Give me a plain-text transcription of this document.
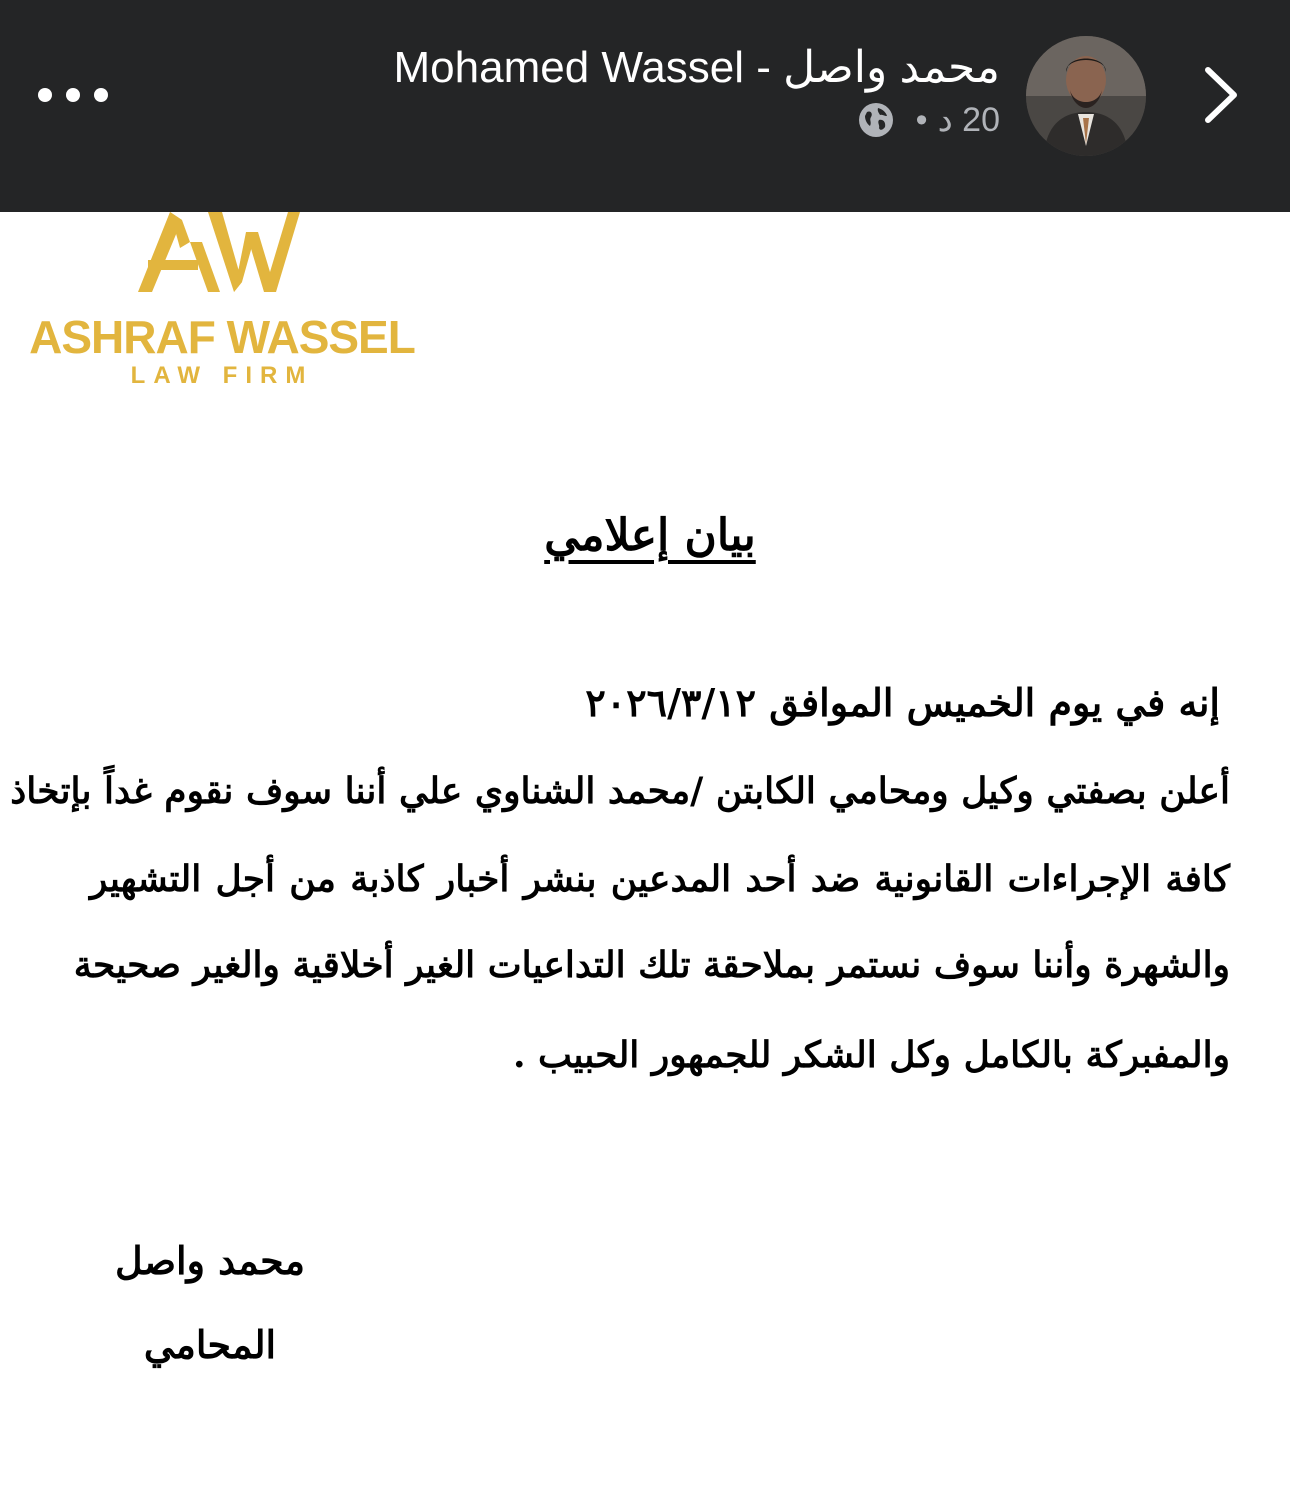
Mohamed Wassel - محمد واصل
• 20 د
ASHRAF WASSEL
LAW FIRM
بيان إعلامي
إنه في يوم الخميس الموافق ٢٠٢٦/٣/١٢
أعلن بصفتي وكيل ومحامي الكابتن /محمد الشناوي علي أننا سوف نقوم غداً بإتخاذ
كافة الإجراءات القانونية ضد أحد المدعين بنشر أخبار كاذبة من أجل التشهير
والشهرة وأننا سوف نستمر بملاحقة تلك التداعيات الغير أخلاقية والغير صحيحة
والمفبركة بالكامل وكل الشكر للجمهور الحبيب .
محمد واصل
المحامي
